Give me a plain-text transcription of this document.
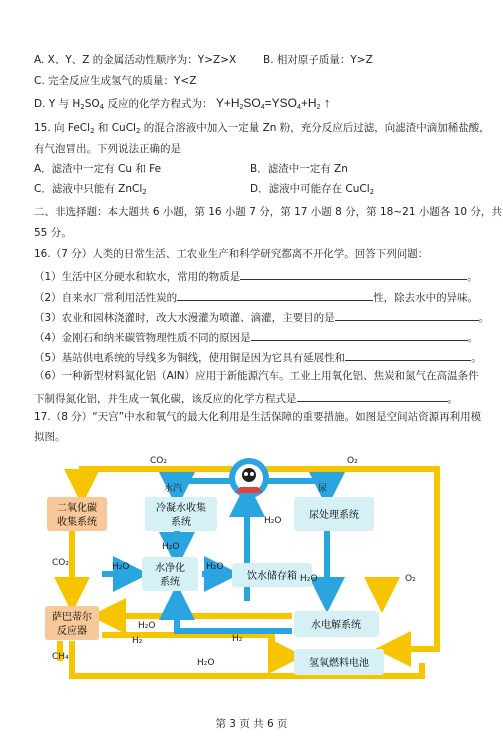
A. X、Y、Z 的金属活动性顺序为：Y>Z>X	B. 相对原子质量：Y>Z
C. 完全反应生成氢气的质量：Y<Z
D. Y 与 $H_2SO_4$ 反应的化学方程式为： $Y+H_2SO_4=YSO_4+H_2$ ↑
15. 向 FeCl$_2$ 和 CuCl$_2$ 的混合溶液中加入一定量 Zn 粉，充分反应后过滤，向滤渣中滴加稀盐酸，
有气泡冒出。下列说法正确的是
A．滤渣中一定有 Cu 和 Fe	B．滤渣中一定有 Zn
C．滤液中只能有 ZnCl$_2$	D．滤液中可能存在 CuCl$_2$
二、非选择题：本大题共 6 小题，第 16 小题 7 分，第 17 小题 8 分，第 18~21 小题各 10 分，共
55 分。
16.（7 分）人类的日常生活、工农业生产和科学研究都离不开化学。回答下列问题：
（1）生活中区分硬水和软水，常用的物质是	。
（2）自来水厂常利用活性炭的	性，除去水中的异味。
（3）农业和园林浇灌时，改大水漫灌为喷灌、滴灌，主要目的是	。
（4）金刚石和纳米碳管物理性质不同的原因是	。
（5）基站供电系统的导线多为铜线，使用铜是因为它具有延展性和	。
（6）一种新型材料氮化铝（AlN）应用于新能源汽车。工业上用氧化铝、焦炭和氮气在高温条件
下制得氮化铝，并生成一氧化碳，该反应的化学方程式是	。
17.（8 分）“天宫”中水和氧气的最大化利用是生活保障的重要措施。如图是空间站资源再利用模
拟图。
二氧化碳
收集系统
冷凝水收集
系统
尿处理系统
水净化
系统
饮水储存箱
萨巴蒂尔
反应器
水电解系统
氢氧燃料电池
CO₂	O₂
水汽	尿
H₂O
H₂O
CO₂	H₂O	H₂O
H₂O	O₂
H₂O
H₂	H₂
CH₄
H₂O
第 3 页 共 6 页
